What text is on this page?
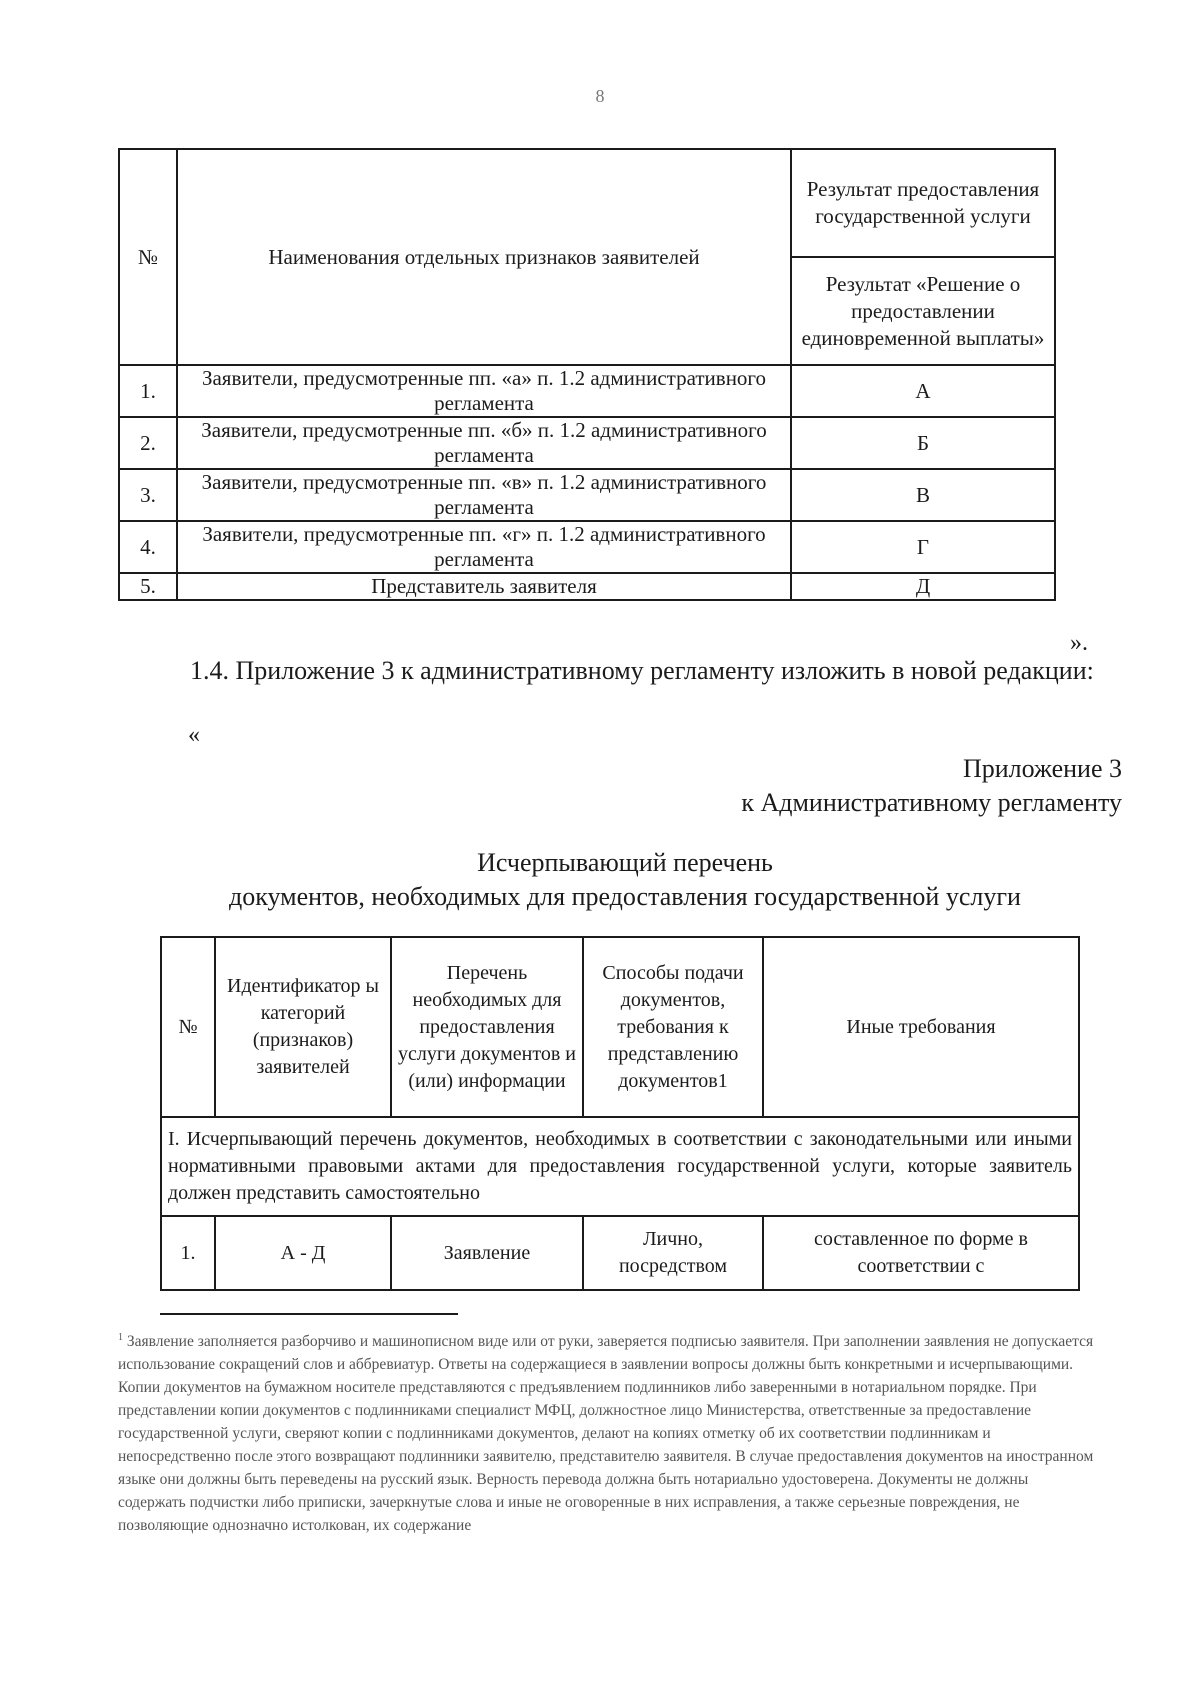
8
№	Наименования отдельных признаков заявителей	Результат предоставления государственной услуги
		Результат «Решение о предоставлении единовременной выплаты»
1.	Заявители, предусмотренные пп. «а» п. 1.2 административного регламента	А
2.	Заявители, предусмотренные пп. «б» п. 1.2 административного регламента	Б
3.	Заявители, предусмотренные пп. «в» п. 1.2 административного регламента	В
4.	Заявители, предусмотренные пп. «г» п. 1.2 административного регламента	Г
5.	Представитель заявителя	Д
».
1.4. Приложение 3 к административному регламенту изложить в новой редакции:
«
Приложение 3
к Административному регламенту
Исчерпывающий перечень
документов, необходимых для предоставления государственной услуги
№	Идентификатор ы категорий (признаков) заявителей	Перечень необходимых для предоставления услуги документов и (или) информации	Способы подачи документов, требования к представлению документов1	Иные требования
I. Исчерпывающий перечень документов, необходимых в соответствии с законодательными или иными нормативными правовыми актами для предоставления государственной услуги, которые заявитель должен представить самостоятельно				
1.	А - Д	Заявление	Лично, посредством	составленное по форме в соответствии с
$^1$ Заявление заполняется разборчиво и машинописном виде или от руки, заверяется подписью заявителя. При заполнении заявления не допускается использование сокращений слов и аббревиатур. Ответы на содержащиеся в заявлении вопросы должны быть конкретными и исчерпывающими. Копии документов на бумажном носителе представляются с предъявлением подлинников либо заверенными в нотариальном порядке. При представлении копии документов с подлинниками специалист МФЦ, должностное лицо Министерства, ответственные за предоставление государственной услуги, сверяют копии с подлинниками документов, делают на копиях отметку об их соответствии подлинникам и непосредственно после этого возвращают подлинники заявителю, представителю заявителя. В случае предоставления документов на иностранном языке они должны быть переведены на русский язык. Верность перевода должна быть нотариально удостоверена. Документы не должны содержать подчистки либо приписки, зачеркнутые слова и иные не оговоренные в них исправления, а также серьезные повреждения, не позволяющие однозначно истолкован, их содержание
